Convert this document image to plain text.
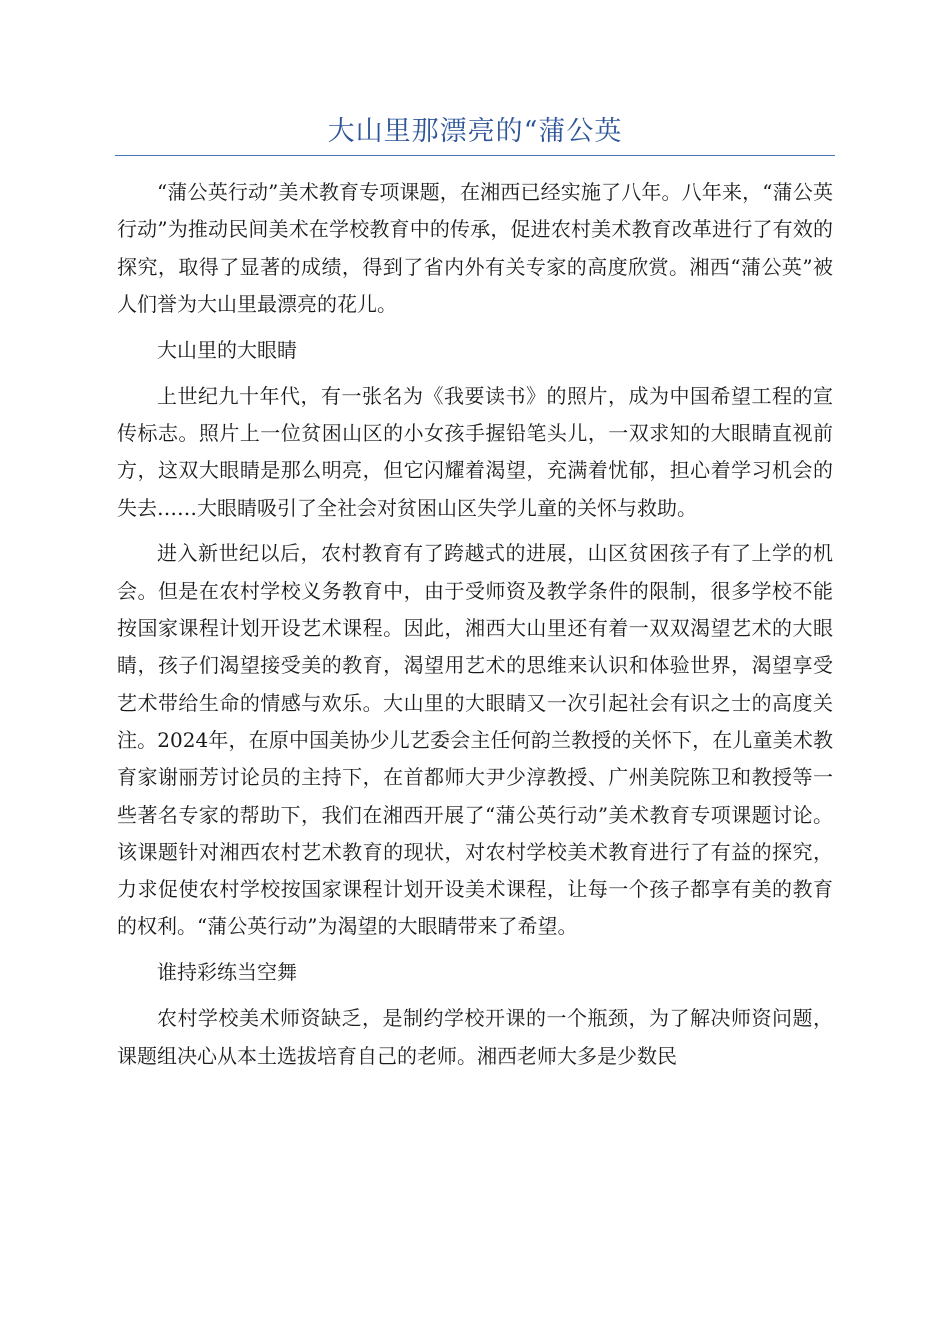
大山里那漂亮的“蒲公英

“蒲公英行动”美术教育专项课题，在湘西已经实施了八年。八年来，“蒲公英行动”为推动民间美术在学校教育中的传承，促进农村美术教育改革进行了有效的探究，取得了显著的成绩，得到了省内外有关专家的高度欣赏。湘西“蒲公英”被人们誉为大山里最漂亮的花儿。

大山里的大眼睛

上世纪九十年代，有一张名为《我要读书》的照片，成为中国希望工程的宣传标志。照片上一位贫困山区的小女孩手握铅笔头儿，一双求知的大眼睛直视前方，这双大眼睛是那么明亮，但它闪耀着渴望，充满着忧郁，担心着学习机会的失去……大眼睛吸引了全社会对贫困山区失学儿童的关怀与救助。

进入新世纪以后，农村教育有了跨越式的进展，山区贫困孩子有了上学的机会。但是在农村学校义务教育中，由于受师资及教学条件的限制，很多学校不能按国家课程计划开设艺术课程。因此，湘西大山里还有着一双双渴望艺术的大眼睛，孩子们渴望接受美的教育，渴望用艺术的思维来认识和体验世界，渴望享受艺术带给生命的情感与欢乐。大山里的大眼睛又一次引起社会有识之士的高度关注。2024年，在原中国美协少儿艺委会主任何韵兰教授的关怀下，在儿童美术教育家谢丽芳讨论员的主持下，在首都师大尹少淳教授、广州美院陈卫和教授等一些著名专家的帮助下，我们在湘西开展了“蒲公英行动”美术教育专项课题讨论。该课题针对湘西农村艺术教育的现状，对农村学校美术教育进行了有益的探究，力求促使农村学校按国家课程计划开设美术课程，让每一个孩子都享有美的教育的权利。“蒲公英行动”为渴望的大眼睛带来了希望。

谁持彩练当空舞

农村学校美术师资缺乏，是制约学校开课的一个瓶颈，为了解决师资问题，课题组决心从本土选拔培育自己的老师。湘西老师大多是少数民
